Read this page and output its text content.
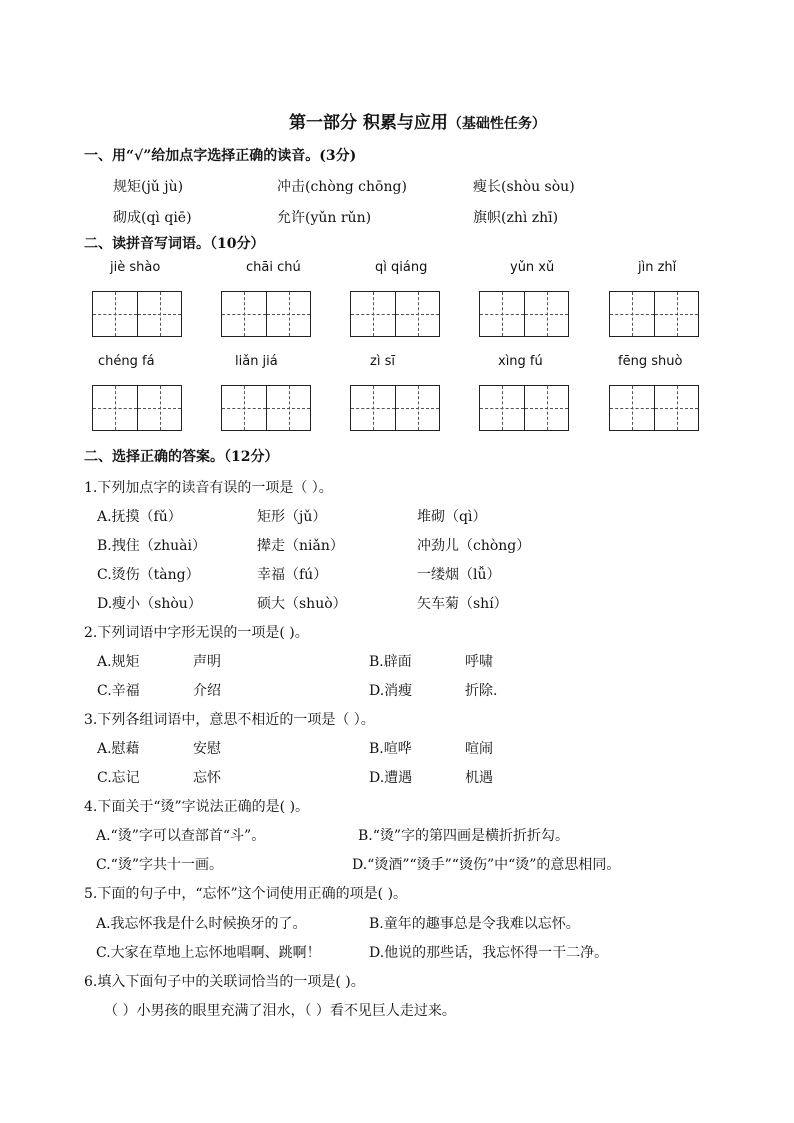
第一部分 积累与应用（基础性任务）
一、用“√”给加点字选择正确的读音。(3分)
规矩(jǔ jù)	冲击(chòng chōng)	瘦长(shòu sòu)
砌成(qì qiē)	允许(yǔn rǔn)	旗帜(zhì zhī)
二、读拼音写词语。（10分）
jiè shào	chāi chú	qì qiáng	yǔn xǔ	jìn zhǐ
chéng fá	liǎn jiá	zì sī	xìng fú	fēng shuò
二、选择正确的答案。（12分）
1.下列加点字的读音有误的一项是（ ）。
A.抚摸（fǔ）	矩形（jǔ）	堆砌（qì）
B.拽住（zhuài）	撵走（niǎn）	冲劲儿（chòng）
C.烫伤（tàng）	幸福（fú）	一缕烟（lǚ）
D.瘦小（shòu）	硕大（shuò）	矢车菊（shí）
2.下列词语中字形无误的一项是( )。
A.规矩	声明	B.辟面	呼啸
C.辛福	介绍	D.消瘦	折除.
3.下列各组词语中，意思不相近的一项是（ ）。
A.慰藉	安慰	B.喧哗	喧闹
C.忘记	忘怀	D.遭遇	机遇
4.下面关于“烫”字说法正确的是( )。
A.“烫”字可以查部首“斗”。	B.“烫”字的第四画是横折折折勾。
C.“烫”字共十一画。	D.“烫酒”“烫手”“烫伤”中“烫”的意思相同。
5.下面的句子中，“忘怀”这个词使用正确的项是( )。
A.我忘怀我是什么时候换牙的了。	B.童年的趣事总是令我难以忘怀。
C.大家在草地上忘怀地唱啊、跳啊！	D.他说的那些话，我忘怀得一干二净。
6.填入下面句子中的关联词恰当的一项是( )。
（ ）小男孩的眼里充满了泪水，（ ）看不见巨人走过来。
